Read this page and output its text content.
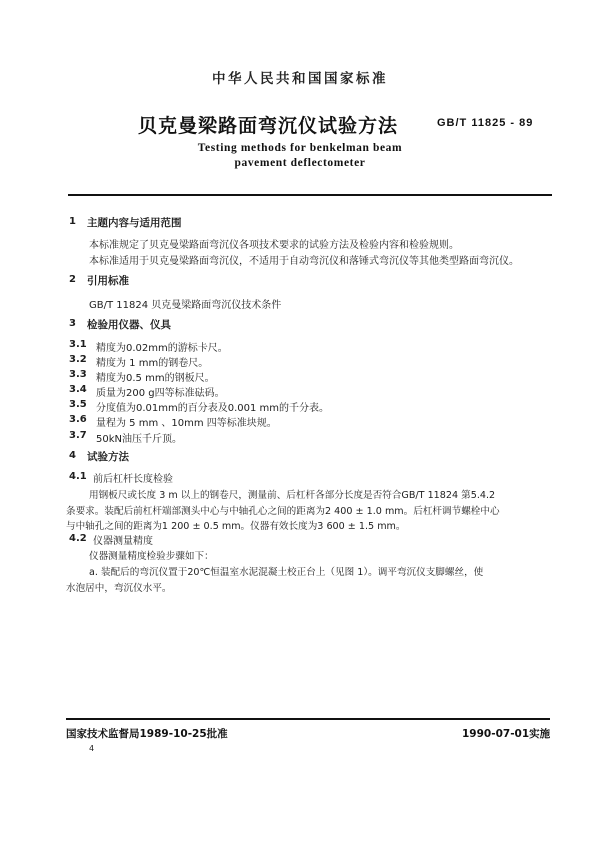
中华人民共和国国家标准
贝克曼梁路面弯沉仪试验方法	GB/T 11825 - 89
Testing methods for benkelman beam
pavement deflectometer
1 主题内容与适用范围
本标准规定了贝克曼梁路面弯沉仪各项技术要求的试验方法及检验内容和检验规则。
本标准适用于贝克曼梁路面弯沉仪，不适用于自动弯沉仪和落锤式弯沉仪等其他类型路面弯沉仪。
2 引用标准
GB/T 11824 贝克曼梁路面弯沉仪技术条件
3 检验用仪器、仪具
3.1 精度为0.02mm的游标卡尺。
3.2 精度为 1 mm的钢卷尺。
3.3 精度为0.5 mm的钢板尺。
3.4 质量为200 g四等标准砝码。
3.5 分度值为0.01mm的百分表及0.001 mm的千分表。
3.6 量程为 5 mm 、10mm 四等标准块规。
3.7 50kN油压千斤顶。
4 试验方法
4.1 前后杠杆长度检验
用钢板尺或长度 3 m 以上的钢卷尺，测量前、后杠杆各部分长度是否符合GB/T 11824 第5.4.2
条要求。装配后前杠杆端部测头中心与中轴孔心之间的距离为2 400 ± 1.0 mm。后杠杆调节螺栓中心
与中轴孔之间的距离为1 200 ± 0.5 mm。仪器有效长度为3 600 ± 1.5 mm。
4.2 仪器测量精度
仪器测量精度检验步骤如下：
a. 装配后的弯沉仪置于20℃恒温室水泥混凝土校正台上（见图 1）。调平弯沉仪支脚螺丝，使
水泡居中，弯沉仪水平。
国家技术监督局1989-10-25批准	1990-07-01实施
4
